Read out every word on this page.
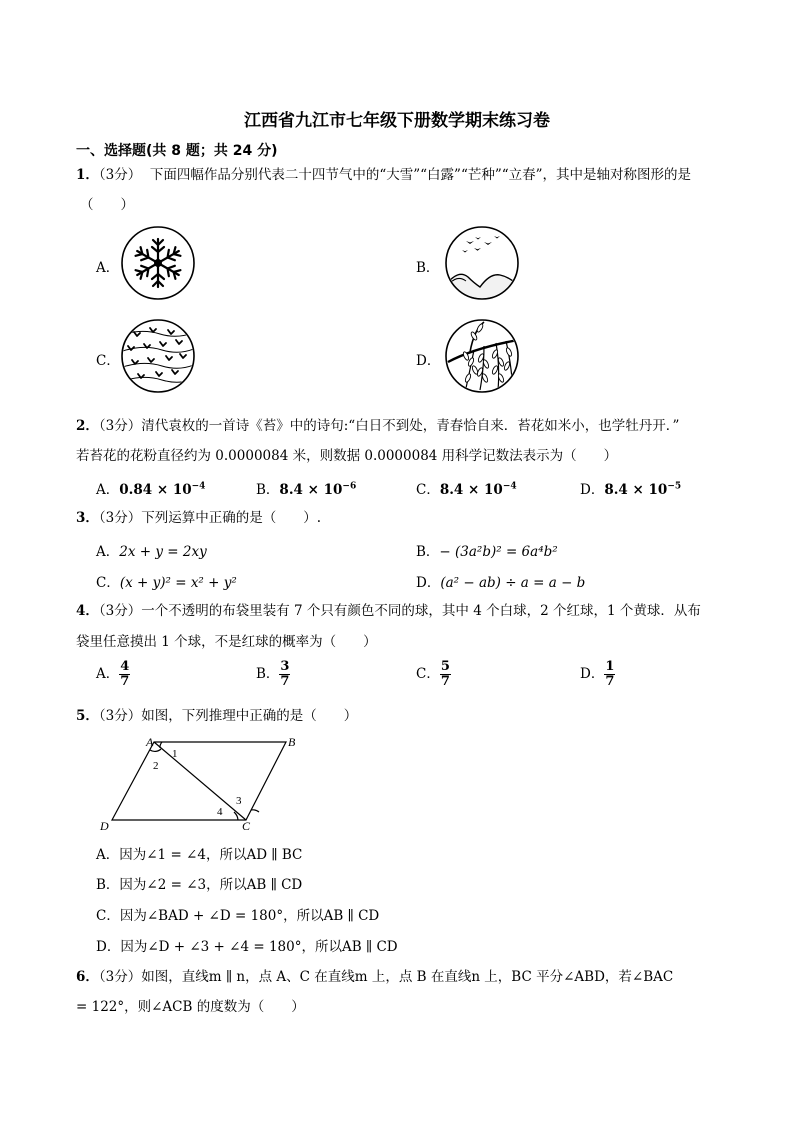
江西省九江市七年级下册数学期末练习卷
一、选择题(共 8 题；共 24 分)
1．（3分） 下面四幅作品分别代表二十四节气中的“大雪”“白露”“芒种”“立春”，其中是轴对称图形的是
（　　）
A．	B．
C．	D．
2．（3分）清代袁枚的一首诗《苔》中的诗句:“白日不到处，青春恰自来．苔花如米小，也学牡丹开．”
若苔花的花粉直径约为 0.0000084 米，则数据 0.0000084 用科学记数法表示为（　　）
A．$0.84 \times 10^{-4}$	B．$8.4 \times 10^{-6}$	C．$8.4 \times 10^{-4}$	D．$8.4 \times 10^{-5}$
3．（3分）下列运算中正确的是（　　）.
A．2x + y = 2xy	B．− (3a²b)² = 6a⁴b²
C．(x + y)² = x² + y²	D．(a² − ab) ÷ a = a − b
4．（3分）一个不透明的布袋里装有 7 个只有颜色不同的球，其中 4 个白球，2 个红球，1 个黄球．从布
袋里任意摸出 1 个球，不是红球的概率为（　　）
A． $\frac{4}{7}$	B． $\frac{3}{7}$	C． $\frac{5}{7}$	D． $\frac{1}{7}$
5．（3分）如图，下列推理中正确的是（　　）
A	B
C
D
1
2
3
4
A．因为∠1 = ∠4，所以AD ∥ BC
B．因为∠2 = ∠3，所以AB ∥ CD
C．因为∠BAD + ∠D = 180°，所以AB ∥ CD
D．因为∠D + ∠3 + ∠4 = 180°，所以AB ∥ CD
6．（3分）如图，直线m ∥ n，点 A、C 在直线m 上，点 B 在直线n 上，BC 平分∠ABD，若∠BAC
= 122°，则∠ACB 的度数为（　　）
